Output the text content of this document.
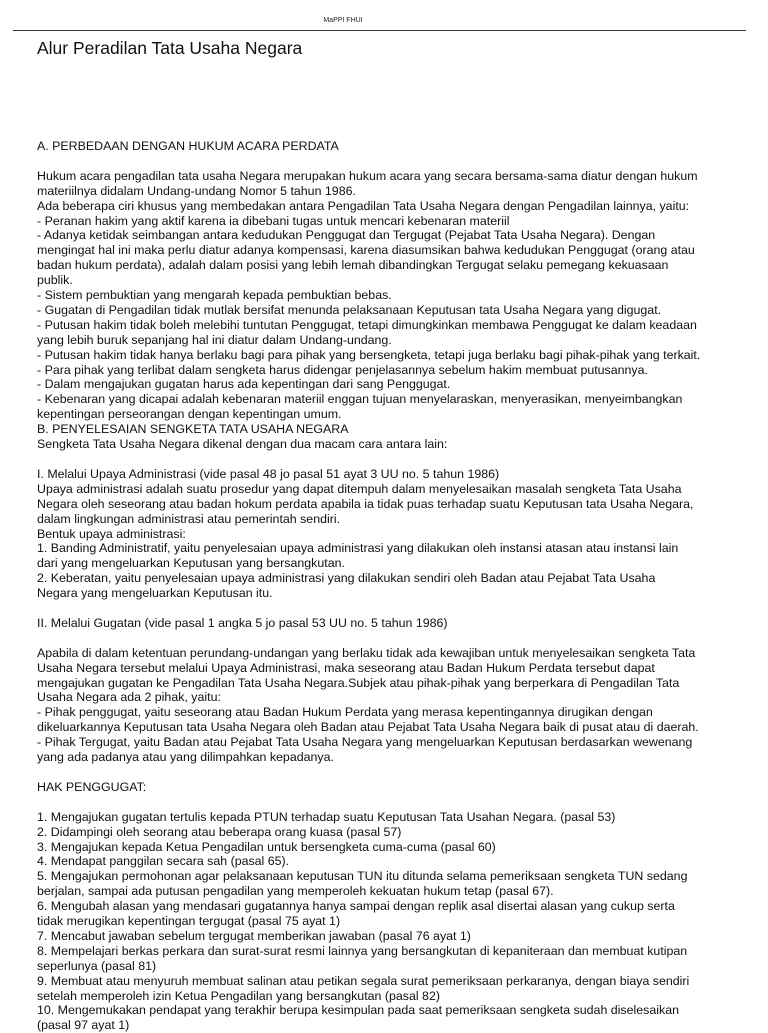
MaPPI FHUI
Alur Peradilan Tata Usaha Negara
A. PERBEDAAN DENGAN HUKUM ACARA PERDATA
Hukum acara pengadilan tata usaha Negara merupakan hukum acara yang secara bersama-sama diatur dengan hukum
materiilnya didalam Undang-undang Nomor 5 tahun 1986.
Ada beberapa ciri khusus yang membedakan antara Pengadilan Tata Usaha Negara dengan Pengadilan lainnya, yaitu:
- Peranan hakim yang aktif karena ia dibebani tugas untuk mencari kebenaran materiil
- Adanya ketidak seimbangan antara kedudukan Penggugat dan Tergugat (Pejabat Tata Usaha Negara). Dengan
mengingat hal ini maka perlu diatur adanya kompensasi, karena diasumsikan bahwa kedudukan Penggugat (orang atau
badan hukum perdata), adalah dalam posisi yang lebih lemah dibandingkan Tergugat selaku pemegang kekuasaan
publik.
- Sistem pembuktian yang mengarah kepada pembuktian bebas.
- Gugatan di Pengadilan tidak mutlak bersifat menunda pelaksanaan Keputusan tata Usaha Negara yang digugat.
- Putusan hakim tidak boleh melebihi tuntutan Penggugat, tetapi dimungkinkan membawa Penggugat ke dalam keadaan
yang lebih buruk sepanjang hal ini diatur dalam Undang-undang.
- Putusan hakim tidak hanya berlaku bagi para pihak yang bersengketa, tetapi juga berlaku bagi pihak-pihak yang terkait.
- Para pihak yang terlibat dalam sengketa harus didengar penjelasannya sebelum hakim membuat putusannya.
- Dalam mengajukan gugatan harus ada kepentingan dari sang Penggugat.
- Kebenaran yang dicapai adalah kebenaran materiil enggan tujuan menyelaraskan, menyerasikan, menyeimbangkan
kepentingan perseorangan dengan kepentingan umum.
B. PENYELESAIAN SENGKETA TATA USAHA NEGARA
Sengketa Tata Usaha Negara dikenal dengan dua macam cara antara lain:
I. Melalui Upaya Administrasi (vide pasal 48 jo pasal 51 ayat 3 UU no. 5 tahun 1986)
Upaya administrasi adalah suatu prosedur yang dapat ditempuh dalam menyelesaikan masalah sengketa Tata Usaha
Negara oleh seseorang atau badan hokum perdata apabila ia tidak puas terhadap suatu Keputusan tata Usaha Negara,
dalam lingkungan administrasi atau pemerintah sendiri.
Bentuk upaya administrasi:
1. Banding Administratif, yaitu penyelesaian upaya administrasi yang dilakukan oleh instansi atasan atau instansi lain
dari yang mengeluarkan Keputusan yang bersangkutan.
2. Keberatan, yaitu penyelesaian upaya administrasi yang dilakukan sendiri oleh Badan atau Pejabat Tata Usaha
Negara yang mengeluarkan Keputusan itu.
II. Melalui Gugatan (vide pasal 1 angka 5 jo pasal 53 UU no. 5 tahun 1986)
Apabila di dalam ketentuan perundang-undangan yang berlaku tidak ada kewajiban untuk menyelesaikan sengketa Tata
Usaha Negara tersebut melalui Upaya Administrasi, maka seseorang atau Badan Hukum Perdata tersebut dapat
mengajukan gugatan ke Pengadilan Tata Usaha Negara.Subjek atau pihak-pihak yang berperkara di Pengadilan Tata
Usaha Negara ada 2 pihak, yaitu:
- Pihak penggugat, yaitu seseorang atau Badan Hukum Perdata yang merasa kepentingannya dirugikan dengan
dikeluarkannya Keputusan tata Usaha Negara oleh Badan atau Pejabat Tata Usaha Negara baik di pusat atau di daerah.
- Pihak Tergugat, yaitu Badan atau Pejabat Tata Usaha Negara yang mengeluarkan Keputusan berdasarkan wewenang
yang ada padanya atau yang dilimpahkan kepadanya.
HAK PENGGUGAT:
1. Mengajukan gugatan tertulis kepada PTUN terhadap suatu Keputusan Tata Usahan Negara. (pasal 53)
2. Didampingi oleh seorang atau beberapa orang kuasa (pasal 57)
3. Mengajukan kepada Ketua Pengadilan untuk bersengketa cuma-cuma (pasal 60)
4. Mendapat panggilan secara sah (pasal 65).
5. Mengajukan permohonan agar pelaksanaan keputusan TUN itu ditunda selama pemeriksaan sengketa TUN sedang
berjalan, sampai ada putusan pengadilan yang memperoleh kekuatan hukum tetap (pasal 67).
6. Mengubah alasan yang mendasari gugatannya hanya sampai dengan replik asal disertai alasan yang cukup serta
tidak merugikan kepentingan tergugat (pasal 75 ayat 1)
7. Mencabut jawaban sebelum tergugat memberikan jawaban (pasal 76 ayat 1)
8. Mempelajari berkas perkara dan surat-surat resmi lainnya yang bersangkutan di kepaniteraan dan membuat kutipan
seperlunya (pasal 81)
9. Membuat atau menyuruh membuat salinan atau petikan segala surat pemeriksaan perkaranya, dengan biaya sendiri
setelah memperoleh izin Ketua Pengadilan yang bersangkutan (pasal 82)
10. Mengemukakan pendapat yang terakhir berupa kesimpulan pada saat pemeriksaan sengketa sudah diselesaikan
(pasal 97 ayat 1)
